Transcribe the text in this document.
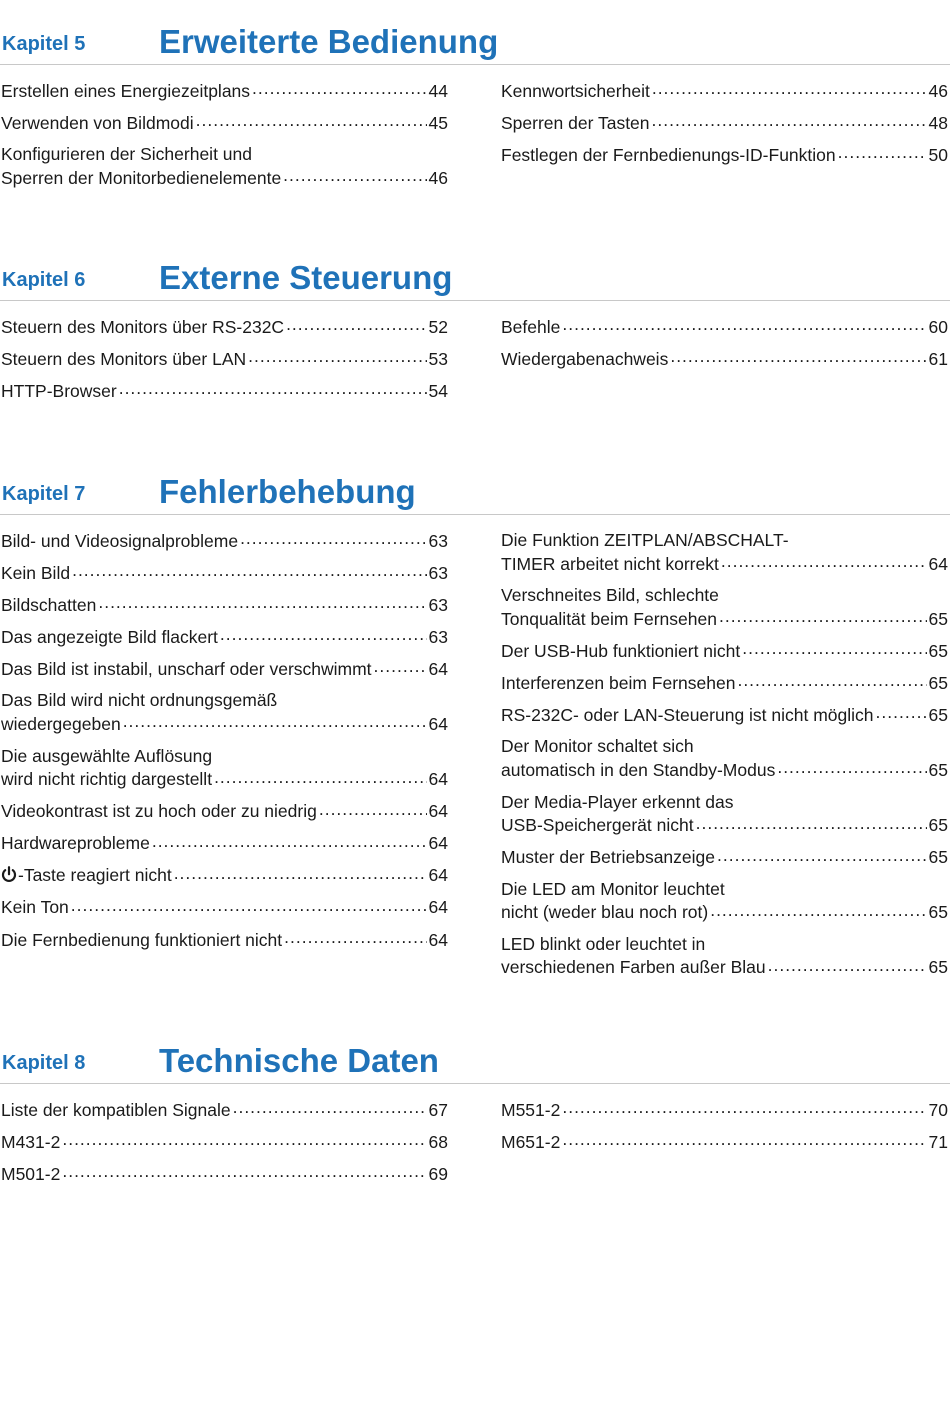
Kapitel 5 Erweiterte Bedienung
Erstellen eines Energiezeitplans .....	44
Verwenden von Bildmodi .....	45
Konfigurieren der Sicherheit und
Sperren der Monitorbedienelemente .....	46
Kennwortsicherheit .....	46
Sperren der Tasten .....	48
Festlegen der Fernbedienungs-ID-Funktion .....	50
Kapitel 6 Externe Steuerung
Steuern des Monitors über RS-232C .....	52
Steuern des Monitors über LAN .....	53
HTTP-Browser .....	54
Befehle .....	60
Wiedergabenachweis .....	61
Kapitel 7 Fehlerbehebung
Bild- und Videosignalprobleme .....	63
Kein Bild .....	63
Bildschatten .....	63
Das angezeigte Bild flackert .....	63
Das Bild ist instabil, unscharf oder verschwimmt .....	64
Das Bild wird nicht ordnungsgemäß
wiedergegeben .....	64
Die ausgewählte Auflösung
wird nicht richtig dargestellt .....	64
Videokontrast ist zu hoch oder zu niedrig .....	64
Hardwareprobleme .....	64
-Taste reagiert nicht .....	64
Kein Ton .....	64
Die Fernbedienung funktioniert nicht .....	64
Die Funktion ZEITPLAN/ABSCHALT-
TIMER arbeitet nicht korrekt .....	64
Verschneites Bild, schlechte
Tonqualität beim Fernsehen .....	65
Der USB-Hub funktioniert nicht .....	65
Interferenzen beim Fernsehen .....	65
RS-232C- oder LAN-Steuerung ist nicht möglich .....	65
Der Monitor schaltet sich
automatisch in den Standby-Modus .....	65
Der Media-Player erkennt das
USB-Speichergerät nicht .....	65
Muster der Betriebsanzeige .....	65
Die LED am Monitor leuchtet
nicht (weder blau noch rot) .....	65
LED blinkt oder leuchtet in
verschiedenen Farben außer Blau .....	65
Kapitel 8 Technische Daten
Liste der kompatiblen Signale .....	67
M431-2 .....	68
M501-2 .....	69
M551-2 .....	70
M651-2 .....	71
